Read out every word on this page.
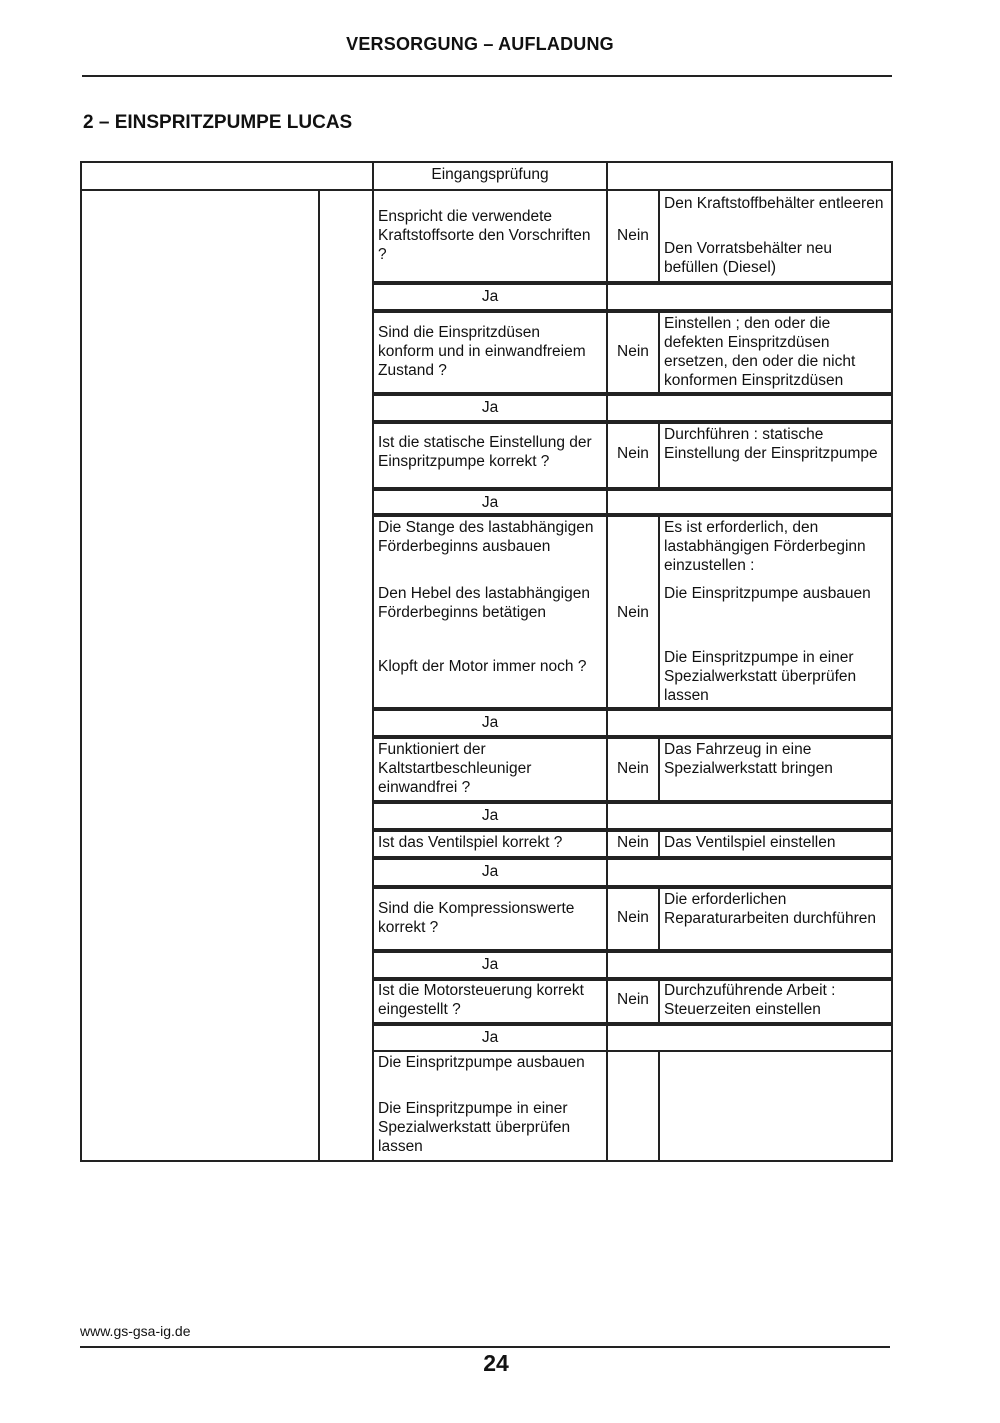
VERSORGUNG – AUFLADUNG
2 – EINSPRITZPUMPE LUCAS
Eingangsprüfung
Enspricht die verwendete Kraftstoffsorte den Vorschriften ?
Nein
Den Kraftstoffbehälter entleeren
Den Vorratsbehälter neu befüllen (Diesel)
Ja
Sind die Einspritzdüsen konform und in einwandfreiem Zustand ?
Nein
Einstellen ; den oder die defekten Einspritzdüsen ersetzen, den oder die nicht konformen Einspritzdüsen
Ja
Ist die statische Einstellung der Einspritzpumpe korrekt ?	Nein
Durchführen : statische Einstellung der Einspritzpumpe
Ja
Die Stange des lastabhängigen Förderbeginns ausbauen
Den Hebel des lastabhängigen Förderbeginns betätigen
Klopft der Motor immer noch ?
Nein
Es ist erforderlich, den lastabhängigen Förderbeginn einzustellen :
Die Einspritzpumpe ausbauen
Die Einspritzpumpe in einer Spezialwerkstatt überprüfen lassen
Ja
Funktioniert der Kaltstartbeschleuniger einwandfrei ?
Nein
Das Fahrzeug in eine Spezialwerkstatt bringen
Ja
Ist das Ventilspiel korrekt ?	Nein Das Ventilspiel einstellen
Ja
Sind die Kompressionswerte korrekt ?
Nein
Die erforderlichen Reparaturarbeiten durchführen
Ja
Ist die Motorsteuerung korrekt eingestellt ?
Nein
Durchzuführende Arbeit : Steuerzeiten einstellen
Ja
Die Einspritzpumpe ausbauen
Die Einspritzpumpe in einer Spezialwerkstatt überprüfen lassen
www.gs-gsa-ig.de
24
